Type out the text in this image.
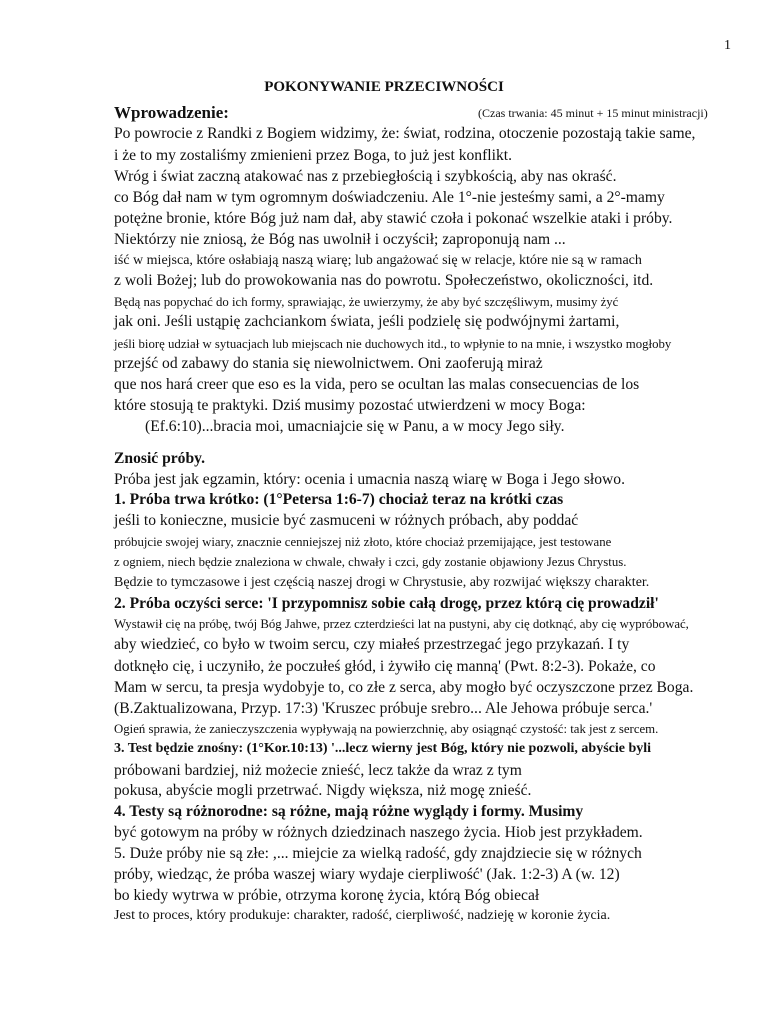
1
POKONYWANIE PRZECIWNOŚCI
Wprowadzenie:	(Czas trwania: 45 minut + 15 minut ministracji)
Po powrocie z Randki z Bogiem widzimy, że: świat, rodzina, otoczenie pozostają takie same,
i że to my zostaliśmy zmienieni przez Boga, to już jest konflikt.
Wróg i świat zaczną atakować nas z przebiegłością i szybkością, aby nas okraść.
co Bóg dał nam w tym ogromnym doświadczeniu. Ale 1°-nie jesteśmy sami, a 2°-mamy
potężne bronie, które Bóg już nam dał, aby stawić czoła i pokonać wszelkie ataki i próby.
Niektórzy nie zniosą, że Bóg nas uwolnił i oczyścił; zaproponują nam ...
iść w miejsca, które osłabiają naszą wiarę; lub angażować się w relacje, które nie są w ramach
z woli Bożej; lub do prowokowania nas do powrotu. Społeczeństwo, okoliczności, itd.
Będą nas popychać do ich formy, sprawiając, że uwierzymy, że aby być szczęśliwym, musimy żyć
jak oni. Jeśli ustąpię zachciankom świata, jeśli podzielę się podwójnymi żartami,
jeśli biorę udział w sytuacjach lub miejscach nie duchowych itd., to wpłynie to na mnie, i wszystko mogłoby
przejść od zabawy do stania się niewolnictwem. Oni zaoferują miraż
que nos hará creer que eso es la vida, pero se ocultan las malas consecuencias de los
które stosują te praktyki. Dziś musimy pozostać utwierdzeni w mocy Boga:
(Ef.6:10)...bracia moi, umacniajcie się w Panu, a w mocy Jego siły.
Znosić próby.
Próba jest jak egzamin, który: ocenia i umacnia naszą wiarę w Boga i Jego słowo.
1. Próba trwa krótko: (1°Petersa 1:6-7) chociaż teraz na krótki czas
jeśli to konieczne, musicie być zasmuceni w różnych próbach, aby poddać
próbujcie swojej wiary, znacznie cenniejszej niż złoto, które chociaż przemijające, jest testowane
z ogniem, niech będzie znaleziona w chwale, chwały i czci, gdy zostanie objawiony Jezus Chrystus.
Będzie to tymczasowe i jest częścią naszej drogi w Chrystusie, aby rozwijać większy charakter.
2. Próba oczyści serce: 'I przypomnisz sobie całą drogę, przez którą cię prowadził'
Wystawił cię na próbę, twój Bóg Jahwe, przez czterdzieści lat na pustyni, aby cię dotknąć, aby cię wypróbować,
aby wiedzieć, co było w twoim sercu, czy miałeś przestrzegać jego przykazań. I ty
dotknęło cię, i uczyniło, że poczułeś głód, i żywiło cię manną' (Pwt. 8:2-3). Pokaże, co
Mam w sercu, ta presja wydobyje to, co złe z serca, aby mogło być oczyszczone przez Boga.
(B.Zaktualizowana, Przyp. 17:3) 'Kruszec próbuje srebro... Ale Jehowa próbuje serca.'
Ogień sprawia, że zanieczyszczenia wypływają na powierzchnię, aby osiągnąć czystość: tak jest z sercem.
3. Test będzie znośny: (1°Kor.10:13) '...lecz wierny jest Bóg, który nie pozwoli, abyście byli
próbowani bardziej, niż możecie znieść, lecz także da wraz z tym
pokusa, abyście mogli przetrwać. Nigdy większa, niż mogę znieść.
4. Testy są różnorodne: są różne, mają różne wyglądy i formy. Musimy
być gotowym na próby w różnych dziedzinach naszego życia. Hiob jest przykładem.
5. Duże próby nie są złe: ,... miejcie za wielką radość, gdy znajdziecie się w różnych
próby, wiedząc, że próba waszej wiary wydaje cierpliwość' (Jak. 1:2-3) A (w. 12)
bo kiedy wytrwa w próbie, otrzyma koronę życia, którą Bóg obiecał
Jest to proces, który produkuje: charakter, radość, cierpliwość, nadzieję w koronie życia.
